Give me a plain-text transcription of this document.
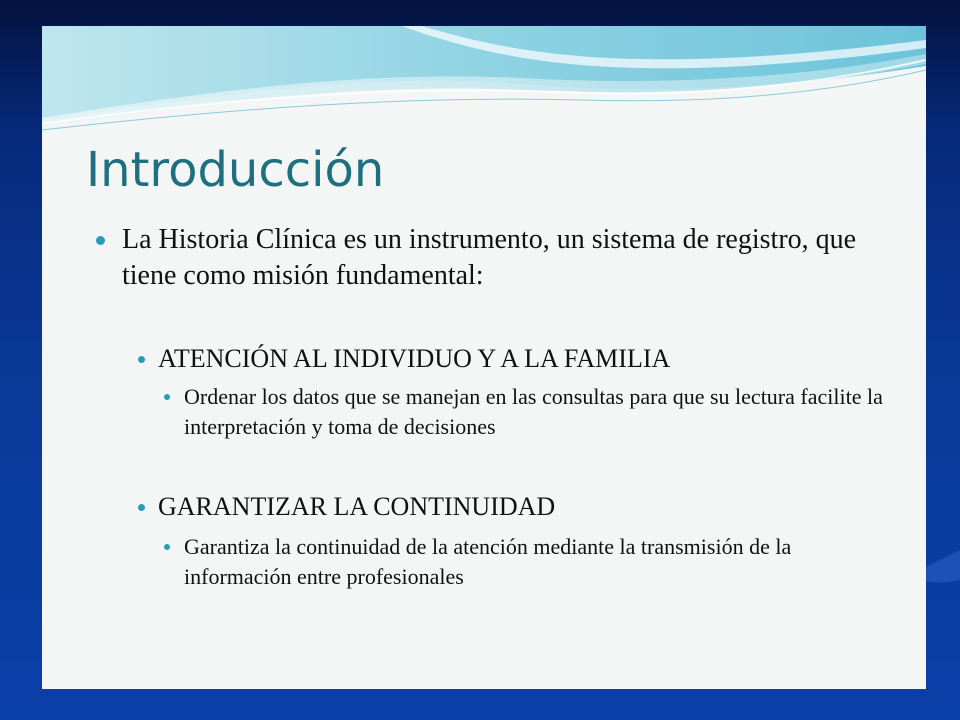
Introducción
La Historia Clínica es un instrumento, un sistema de registro, que tiene como misión fundamental:
ATENCIÓN AL INDIVIDUO Y A LA FAMILIA
Ordenar los datos que se manejan en las consultas para que su lectura facilite la interpretación y toma de decisiones
GARANTIZAR LA CONTINUIDAD
Garantiza la continuidad de la atención mediante la transmisión de la información entre profesionales
